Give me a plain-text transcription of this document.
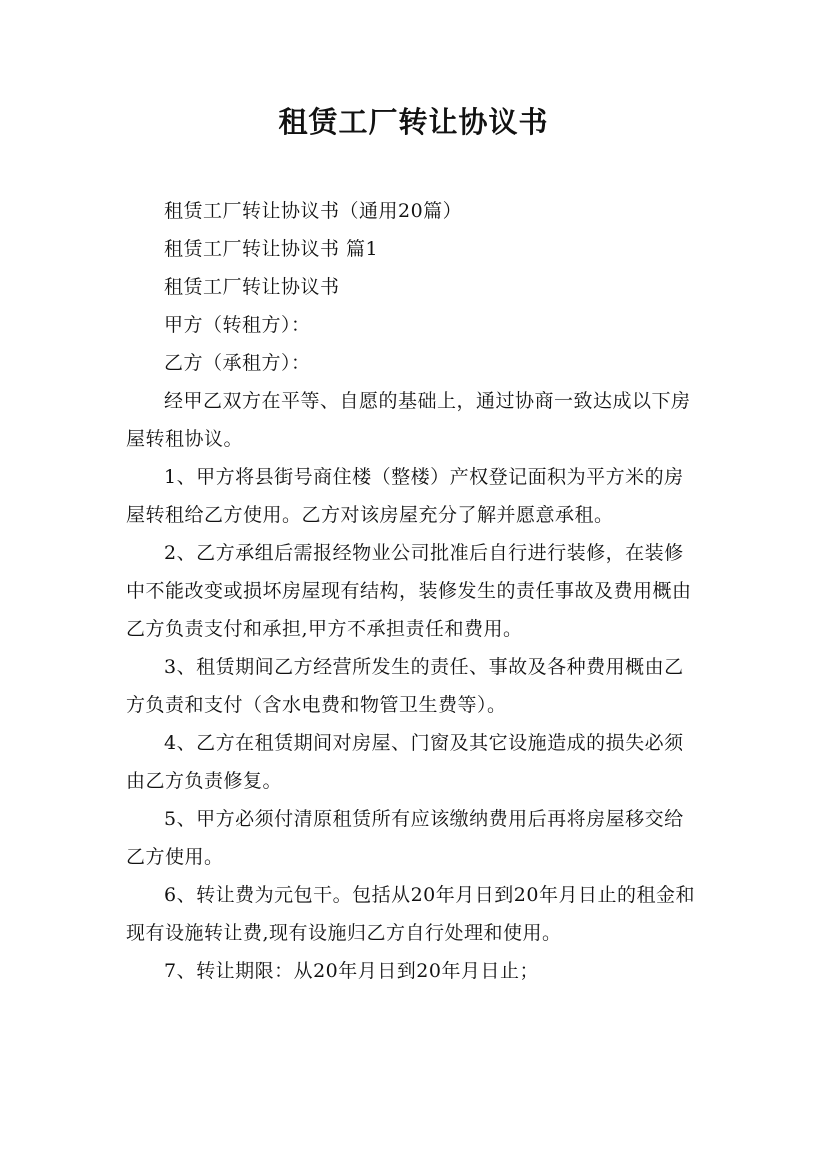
租赁工厂转让协议书

租赁工厂转让协议书（通用20篇）

租赁工厂转让协议书 篇1

租赁工厂转让协议书

甲方（转租方）：

乙方（承租方）：

经甲乙双方在平等、自愿的基础上，通过协商一致达成以下房屋转租协议。

1、甲方将县街号商住楼（整楼）产权登记面积为平方米的房屋转租给乙方使用。乙方对该房屋充分了解并愿意承租。

2、乙方承组后需报经物业公司批准后自行进行装修，在装修中不能改变或损坏房屋现有结构，装修发生的责任事故及费用概由乙方负责支付和承担,甲方不承担责任和费用。

3、租赁期间乙方经营所发生的责任、事故及各种费用概由乙方负责和支付（含水电费和物管卫生费等）。

4、乙方在租赁期间对房屋、门窗及其它设施造成的损失必须由乙方负责修复。

5、甲方必须付清原租赁所有应该缴纳费用后再将房屋移交给乙方使用。

6、转让费为元包干。包括从20年月日到20年月日止的租金和现有设施转让费,现有设施归乙方自行处理和使用。

7、转让期限：从20年月日到20年月日止；
